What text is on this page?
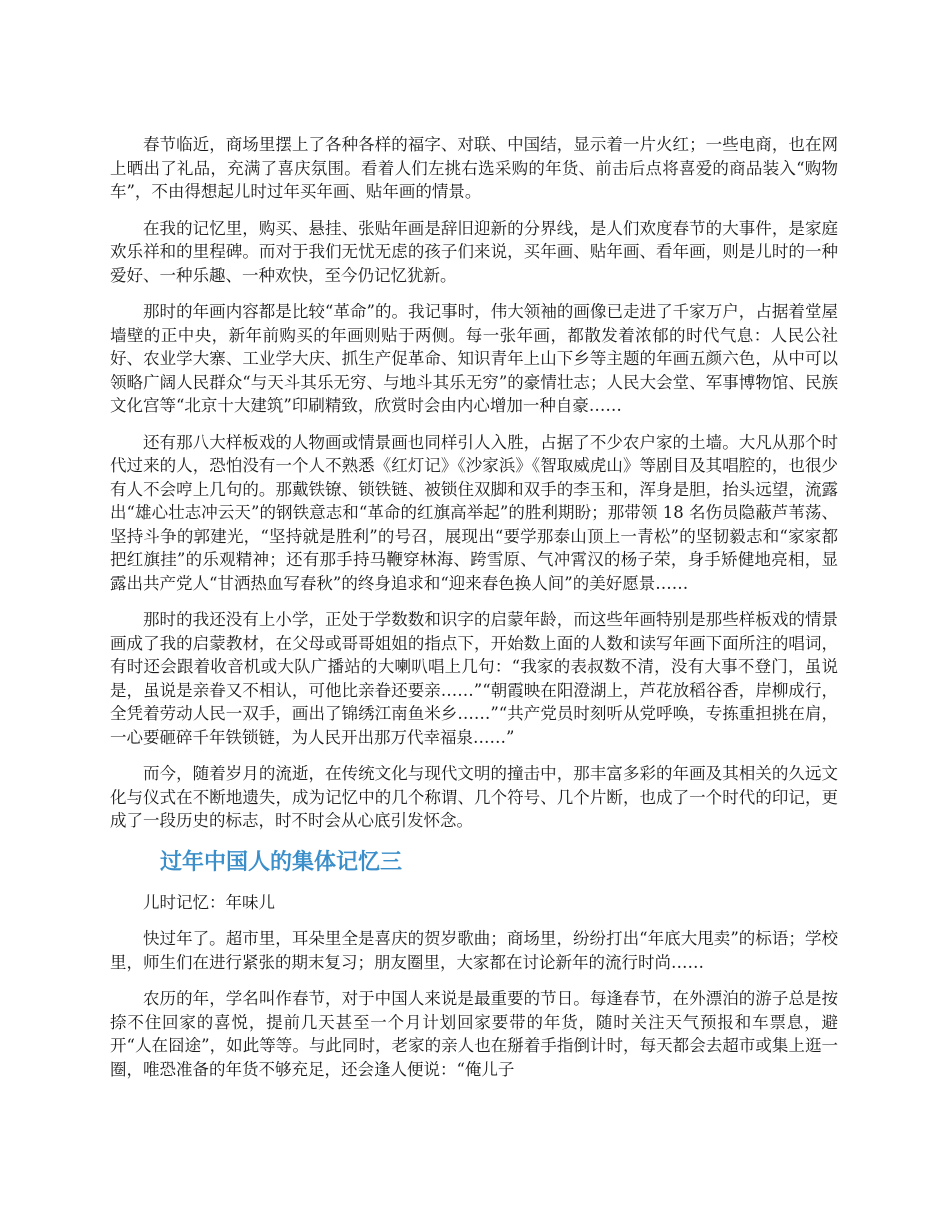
春节临近，商场里摆上了各种各样的福字、对联、中国结，显示着一片火红；一些电商，也在网上晒出了礼品，充满了喜庆氛围。看着人们左挑右选采购的年货、前击后点将喜爱的商品装入“购物车”，不由得想起儿时过年买年画、贴年画的情景。

在我的记忆里，购买、悬挂、张贴年画是辞旧迎新的分界线，是人们欢度春节的大事件，是家庭欢乐祥和的里程碑。而对于我们无忧无虑的孩子们来说，买年画、贴年画、看年画，则是儿时的一种爱好、一种乐趣、一种欢快，至今仍记忆犹新。

那时的年画内容都是比较“革命”的。我记事时，伟大领袖的画像已走进了千家万户，占据着堂屋墙壁的正中央，新年前购买的年画则贴于两侧。每一张年画，都散发着浓郁的时代气息：人民公社好、农业学大寨、工业学大庆、抓生产促革命、知识青年上山下乡等主题的年画五颜六色，从中可以领略广阔人民群众“与天斗其乐无穷、与地斗其乐无穷”的豪情壮志；人民大会堂、军事博物馆、民族文化宫等“北京十大建筑”印刷精致，欣赏时会由内心增加一种自豪……

还有那八大样板戏的人物画或情景画也同样引人入胜，占据了不少农户家的土墙。大凡从那个时代过来的人，恐怕没有一个人不熟悉《红灯记》《沙家浜》《智取威虎山》等剧目及其唱腔的，也很少有人不会哼上几句的。那戴铁镣、锁铁链、被锁住双脚和双手的李玉和，浑身是胆，抬头远望，流露出“雄心壮志冲云天”的钢铁意志和“革命的红旗高举起”的胜利期盼；那带领 18 名伤员隐蔽芦苇荡、坚持斗争的郭建光，“坚持就是胜利”的号召，展现出“要学那泰山顶上一青松”的坚韧毅志和“家家都把红旗挂”的乐观精神；还有那手持马鞭穿林海、跨雪原、气冲霄汉的杨子荣，身手矫健地亮相，显露出共产党人“甘洒热血写春秋”的终身追求和“迎来春色换人间”的美好愿景……

那时的我还没有上小学，正处于学数数和识字的启蒙年龄，而这些年画特别是那些样板戏的情景画成了我的启蒙教材，在父母或哥哥姐姐的指点下，开始数上面的人数和读写年画下面所注的唱词，有时还会跟着收音机或大队广播站的大喇叭唱上几句：“我家的表叔数不清，没有大事不登门，虽说是，虽说是亲眷又不相认，可他比亲眷还要亲……”“朝霞映在阳澄湖上，芦花放稻谷香，岸柳成行，全凭着劳动人民一双手，画出了锦绣江南鱼米乡……”“共产党员时刻听从党呼唤，专拣重担挑在肩，一心要砸碎千年铁锁链，为人民开出那万代幸福泉……”

而今，随着岁月的流逝，在传统文化与现代文明的撞击中，那丰富多彩的年画及其相关的久远文化与仪式在不断地遗失，成为记忆中的几个称谓、几个符号、几个片断，也成了一个时代的印记，更成了一段历史的标志，时不时会从心底引发怀念。

过年中国人的集体记忆三

儿时记忆：年味儿

快过年了。超市里，耳朵里全是喜庆的贺岁歌曲；商场里，纷纷打出“年底大甩卖”的标语；学校里，师生们在进行紧张的期末复习；朋友圈里，大家都在讨论新年的流行时尚……

农历的年，学名叫作春节，对于中国人来说是最重要的节日。每逢春节，在外漂泊的游子总是按捺不住回家的喜悦，提前几天甚至一个月计划回家要带的年货，随时关注天气预报和车票息，避开“人在囧途”，如此等等。与此同时，老家的亲人也在掰着手指倒计时，每天都会去超市或集上逛一圈，唯恐准备的年货不够充足，还会逢人便说：“俺儿子
